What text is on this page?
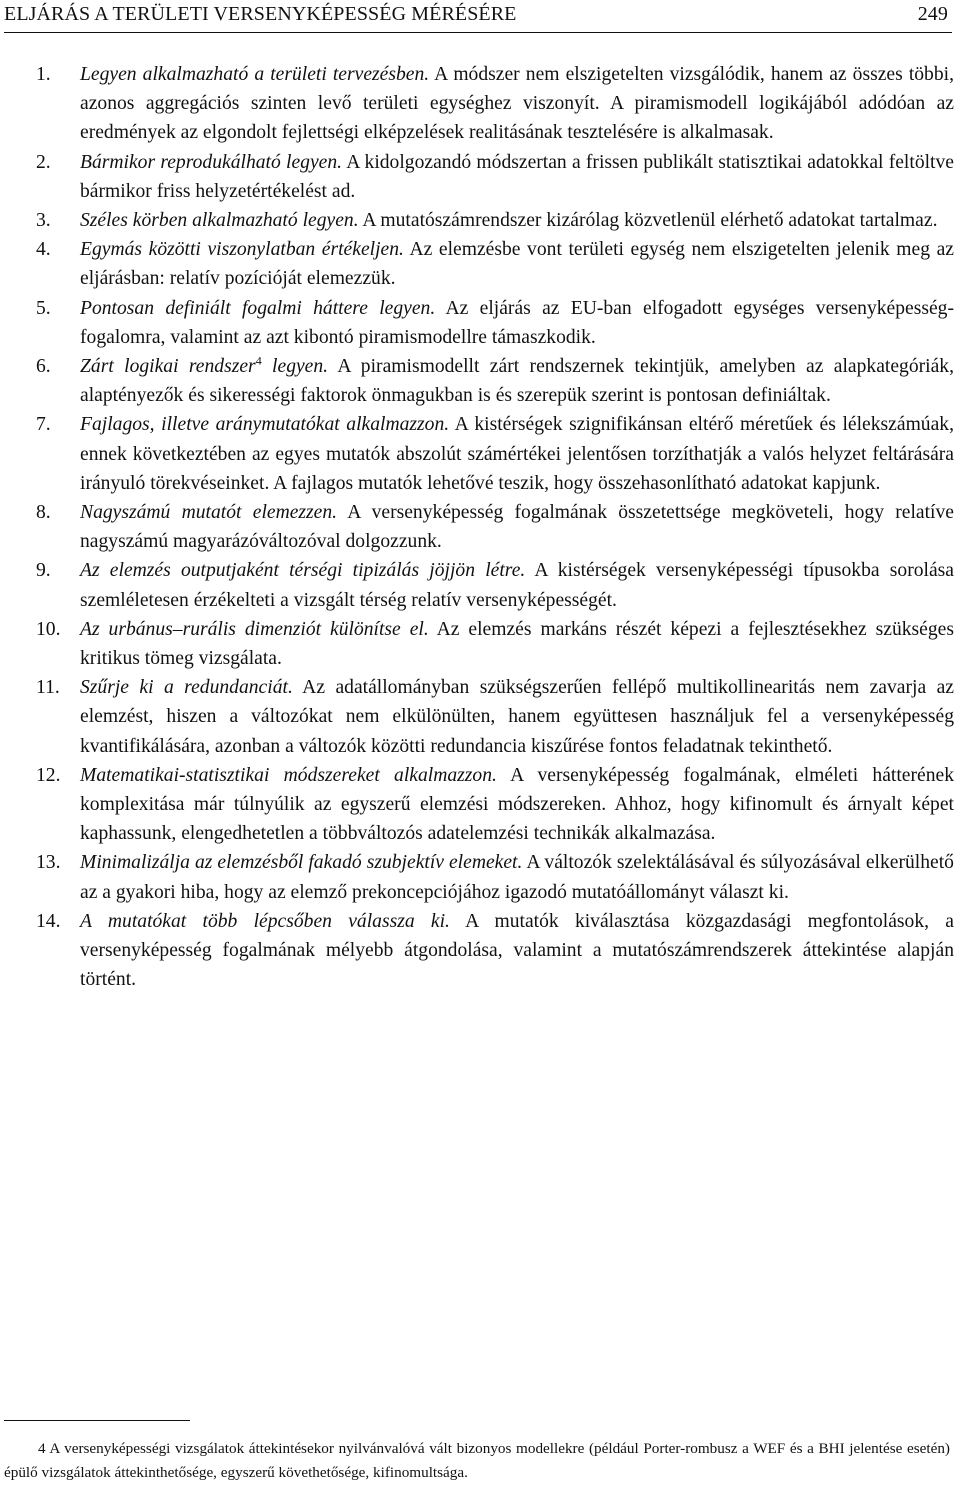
ELJÁRÁS A TERÜLETI VERSENYKÉPESSÉG MÉRÉSÉRE	249
1.	Legyen alkalmazható a területi tervezésben. A módszer nem elszigetelten vizsgálódik, hanem az összes többi, azonos aggregációs szinten levő területi egységhez viszonyít. A piramismodell logikájából adódóan az eredmények az elgondolt fejlettségi elképzelések realitásának tesztelésére is alkalmasak.
2.	Bármikor reprodukálható legyen. A kidolgozandó módszertan a frissen publikált statisztikai adatokkal feltöltve bármikor friss helyzetértékelést ad.
3.	Széles körben alkalmazható legyen. A mutatószámrendszer kizárólag közvetlenül elérhető adatokat tartalmaz.
4.	Egymás közötti viszonylatban értékeljen. Az elemzésbe vont területi egység nem elszigetelten jelenik meg az eljárásban: relatív pozícióját elemezzük.
5.	Pontosan definiált fogalmi háttere legyen. Az eljárás az EU-ban elfogadott egységes versenyképesség-fogalomra, valamint az azt kibontó piramismodellre támaszkodik.
6.	Zárt logikai rendszer$^4$ legyen. A piramismodellt zárt rendszernek tekintjük, amelyben az alapkategóriák, alaptényezők és sikerességi faktorok önmagukban is és szerepük szerint is pontosan definiáltak.
7.	Fajlagos, illetve aránymutatókat alkalmazzon. A kistérségek szignifikánsan eltérő méretűek és lélekszámúak, ennek következtében az egyes mutatók abszolút számértékei jelentősen torzíthatják a valós helyzet feltárására irányuló törekvéseinket. A fajlagos mutatók lehetővé teszik, hogy összehasonlítható adatokat kapjunk.
8.	Nagyszámú mutatót elemezzen. A versenyképesség fogalmának összetettsége megköveteli, hogy relatíve nagyszámú magyarázóváltozóval dolgozzunk.
9.	Az elemzés outputjaként térségi tipizálás jöjjön létre. A kistérségek versenyképességi típusokba sorolása szemléletesen érzékelteti a vizsgált térség relatív versenyképességét.
10. Az urbánus–rurális dimenziót különítse el. Az elemzés markáns részét képezi a fejlesztésekhez szükséges kritikus tömeg vizsgálata.
11.	Szűrje ki a redundanciát. Az adatállományban szükségszerűen fellépő multikollinearitás nem zavarja az elemzést, hiszen a változókat nem elkülönülten, hanem együttesen használjuk fel a versenyképesség kvantifikálására, azonban a változók közötti redundancia kiszűrése fontos feladatnak tekinthető.
12. Matematikai-statisztikai módszereket alkalmazzon. A versenyképesség fogalmának, elméleti hátterének komplexitása már túlnyúlik az egyszerű elemzési módszereken. Ahhoz, hogy kifinomult és árnyalt képet kaphassunk, elengedhetetlen a többváltozós adatelemzési technikák alkalmazása.
13. Minimalizálja az elemzésből fakadó szubjektív elemeket. A változók szelektálásával és súlyozásával elkerülhető az a gyakori hiba, hogy az elemző prekoncepciójához igazodó mutatóállományt választ ki.
14. A mutatókat több lépcsőben válassza ki. A mutatók kiválasztása közgazdasági megfontolások, a versenyképesség fogalmának mélyebb átgondolása, valamint a mutatószámrendszerek áttekintése alapján történt.
4 A versenyképességi vizsgálatok áttekintésekor nyilvánvalóvá vált bizonyos modellekre (például Porter-rombusz a WEF és a BHI jelentése esetén) épülő vizsgálatok áttekinthetősége, egyszerű követhetősége, kifinomultsága.
